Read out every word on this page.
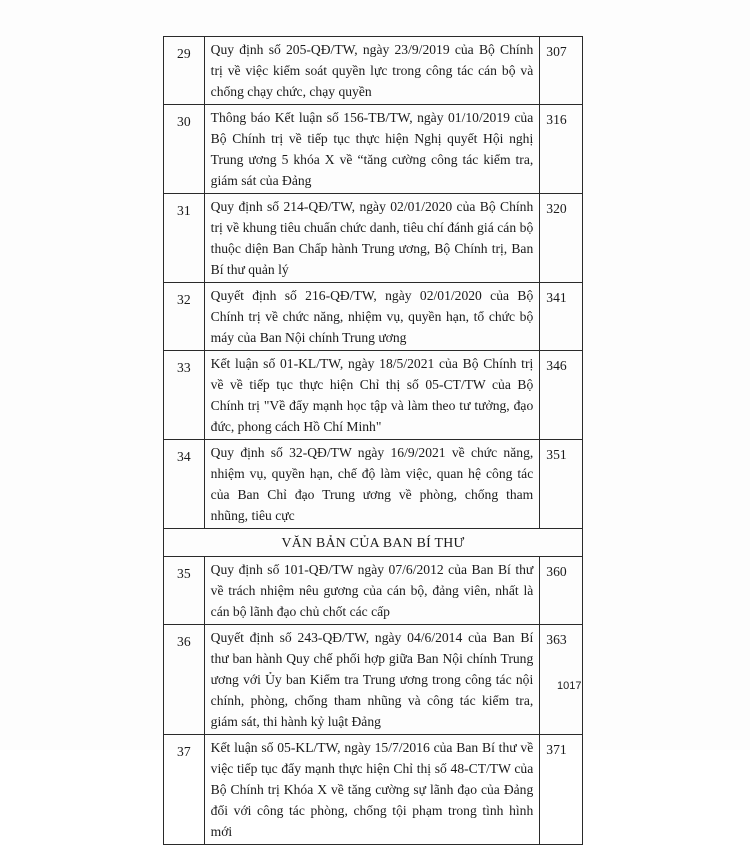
29	Quy định số 205-QĐ/TW, ngày 23/9/2019 của Bộ Chính trị về việc kiểm soát quyền lực trong công tác cán bộ và chống chạy chức, chạy quyền	307
30	Thông báo Kết luận số 156-TB/TW, ngày 01/10/2019 của Bộ Chính trị về tiếp tục thực hiện Nghị quyết Hội nghị Trung ương 5 khóa X về “tăng cường công tác kiểm tra, giám sát của Đảng	316
31	Quy định số 214-QĐ/TW, ngày 02/01/2020 của Bộ Chính trị về khung tiêu chuẩn chức danh, tiêu chí đánh giá cán bộ thuộc diện Ban Chấp hành Trung ương, Bộ Chính trị, Ban Bí thư quản lý	320
32	Quyết định số 216-QĐ/TW, ngày 02/01/2020 của Bộ Chính trị về chức năng, nhiệm vụ, quyền hạn, tổ chức bộ máy của Ban Nội chính Trung ương	341
33	Kết luận số 01-KL/TW, ngày 18/5/2021 của Bộ Chính trị về về tiếp tục thực hiện Chỉ thị số 05-CT/TW của Bộ Chính trị "Về đẩy mạnh học tập và làm theo tư tưởng, đạo đức, phong cách Hồ Chí Minh"	346
34	Quy định số 32-QĐ/TW ngày 16/9/2021 về chức năng, nhiệm vụ, quyền hạn, chế độ làm việc, quan hệ công tác của Ban Chỉ đạo Trung ương về phòng, chống tham nhũng, tiêu cực	351
VĂN BẢN CỦA BAN BÍ THƯ		
35	Quy định số 101-QĐ/TW ngày 07/6/2012 của Ban Bí thư về trách nhiệm nêu gương của cán bộ, đảng viên, nhất là cán bộ lãnh đạo chủ chốt các cấp	360
36	Quyết định số 243-QĐ/TW, ngày 04/6/2014 của Ban Bí thư ban hành Quy chế phối hợp giữa Ban Nội chính Trung ương với Ủy ban Kiểm tra Trung ương trong công tác nội chính, phòng, chống tham nhũng và công tác kiểm tra, giám sát, thi hành kỷ luật Đảng	363
37	Kết luận số 05-KL/TW, ngày 15/7/2016 của Ban Bí thư về việc tiếp tục đẩy mạnh thực hiện Chỉ thị số 48-CT/TW của Bộ Chính trị Khóa X về tăng cường sự lãnh đạo của Đảng đối với công tác phòng, chống tội phạm trong tình hình mới	371
1017
